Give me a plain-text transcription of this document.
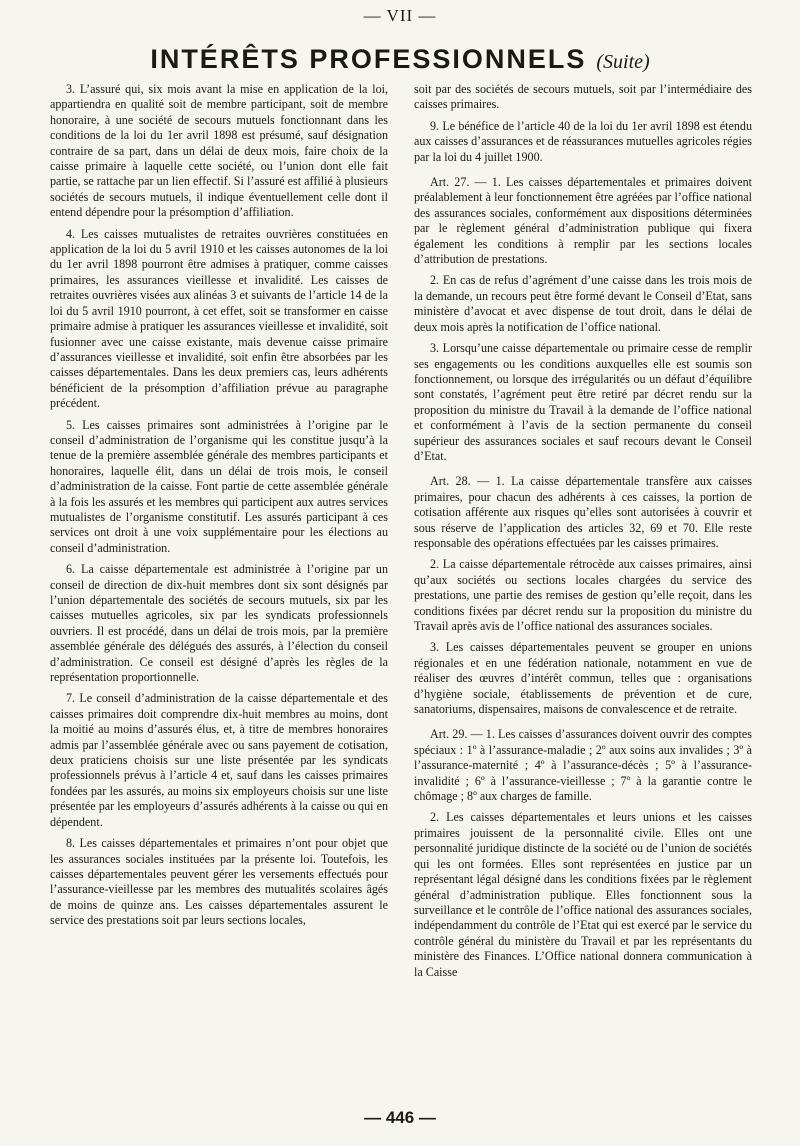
— VII —
INTÉRÊTS PROFESSIONNELS (Suite)

3. L’assuré qui, six mois avant la mise en application de la loi, appartiendra en qualité soit de membre participant, soit de membre honoraire, à une société de secours mutuels fonctionnant dans les conditions de la loi du 1er avril 1898 est présumé, sauf désignation contraire de sa part, dans un délai de deux mois, faire choix de la caisse primaire à laquelle cette société, ou l’union dont elle fait partie, se rattache par un lien effectif. Si l’assuré est affilié à plusieurs sociétés de secours mutuels, il indique éventuellement celle dont il entend dépendre pour la présomption d’affiliation.

4. Les caisses mutualistes de retraites ouvrières constituées en application de la loi du 5 avril 1910 et les caisses autonomes de la loi du 1er avril 1898 pourront être admises à pratiquer, comme caisses primaires, les assurances vieillesse et invalidité. Les caisses de retraites ouvrières visées aux alinéas 3 et suivants de l’article 14 de la loi du 5 avril 1910 pourront, à cet effet, soit se transformer en caisse primaire admise à pratiquer les assurances vieillesse et invalidité, soit fusionner avec une caisse existante, mais devenue caisse primaire d’assurances vieillesse et invalidité, soit enfin être absorbées par les caisses départementales. Dans les deux premiers cas, leurs adhérents bénéficient de la présomption d’affiliation prévue au paragraphe précédent.

5. Les caisses primaires sont administrées à l’origine par le conseil d’administration de l’organisme qui les constitue jusqu’à la tenue de la première assemblée générale des membres participants et honoraires, laquelle élit, dans un délai de trois mois, le conseil d’administration de la caisse. Font partie de cette assemblée générale à la fois les assurés et les membres qui participent aux autres services mutualistes de l’organisme constitutif. Les assurés participant à ces services ont droit à une voix supplémentaire pour les élections au conseil d’administration.

6. La caisse départementale est administrée à l’origine par un conseil de direction de dix-huit membres dont six sont désignés par l’union départementale des sociétés de secours mutuels, six par les caisses mutuelles agricoles, six par les syndicats professionnels ouvriers. Il est procédé, dans un délai de trois mois, par la première assemblée générale des délégués des assurés, à l’élection du conseil d’administration. Ce conseil est désigné d’après les règles de la représentation proportionnelle.

7. Le conseil d’administration de la caisse départementale et des caisses primaires doit comprendre dix-huit membres au moins, dont la moitié au moins d’assurés élus, et, à titre de membres honoraires admis par l’assemblée générale avec ou sans payement de cotisation, deux praticiens choisis sur une liste présentée par les syndicats professionnels prévus à l’article 4 et, sauf dans les caisses primaires fondées par les assurés, au moins six employeurs choisis sur une liste présentée par les employeurs d’assurés adhérents à la caisse ou qui en dépendent.

8. Les caisses départementales et primaires n’ont pour objet que les assurances sociales instituées par la présente loi. Toutefois, les caisses départementales peuvent gérer les versements effectués pour l’assurance-vieillesse par les membres des mutualités scolaires âgés de moins de quinze ans. Les caisses départementales assurent le service des prestations soit par leurs sections locales,

soit par des sociétés de secours mutuels, soit par l’intermédiaire des caisses primaires.

9. Le bénéfice de l’article 40 de la loi du 1er avril 1898 est étendu aux caisses d’assurances et de réassurances mutuelles agricoles régies par la loi du 4 juillet 1900.

Art. 27. — 1. Les caisses départementales et primaires doivent préalablement à leur fonctionnement être agréées par l’office national des assurances sociales, conformément aux dispositions déterminées par le règlement général d’administration publique qui fixera également les conditions à remplir par les sections locales d’attribution de prestations.

2. En cas de refus d’agrément d’une caisse dans les trois mois de la demande, un recours peut être formé devant le Conseil d’Etat, sans ministère d’avocat et avec dispense de tout droit, dans le délai de deux mois après la notification de l’office national.

3. Lorsqu’une caisse départementale ou primaire cesse de remplir ses engagements ou les conditions auxquelles elle est soumis son fonctionnement, ou lorsque des irrégularités ou un défaut d’équilibre sont constatés, l’agrément peut être retiré par décret rendu sur la proposition du ministre du Travail à la demande de l’office national et conformément à l’avis de la section permanente du conseil supérieur des assurances sociales et sauf recours devant le Conseil d’Etat.

Art. 28. — 1. La caisse départementale transfère aux caisses primaires, pour chacun des adhérents à ces caisses, la portion de cotisation afférente aux risques qu’elles sont autorisées à couvrir et sous réserve de l’application des articles 32, 69 et 70. Elle reste responsable des opérations effectuées par les caisses primaires.

2. La caisse départementale rétrocède aux caisses primaires, ainsi qu’aux sociétés ou sections locales chargées du service des prestations, une partie des remises de gestion qu’elle reçoit, dans les conditions fixées par décret rendu sur la proposition du ministre du Travail après avis de l’office national des assurances sociales.

3. Les caisses départementales peuvent se grouper en unions régionales et en une fédération nationale, notamment en vue de réaliser des œuvres d’intérêt commun, telles que : organisations d’hygiène sociale, établissements de prévention et de cure, sanatoriums, dispensaires, maisons de convalescence et de retraite.

Art. 29. — 1. Les caisses d’assurances doivent ouvrir des comptes spéciaux : 1º à l’assurance-maladie ; 2º aux soins aux invalides ; 3º à l’assurance-maternité ; 4º à l’assurance-décès ; 5º à l’assurance-invalidité ; 6º à l’assurance-vieillesse ; 7º à la garantie contre le chômage ; 8º aux charges de famille.

2. Les caisses départementales et leurs unions et les caisses primaires jouissent de la personnalité civile. Elles ont une personnalité juridique distincte de la société ou de l’union de sociétés qui les ont formées. Elles sont représentées en justice par un représentant légal désigné dans les conditions fixées par le règlement général d’administration publique. Elles fonctionnent sous la surveillance et le contrôle de l’office national des assurances sociales, indépendamment du contrôle de l’Etat qui est exercé par le service du contrôle général du ministère du Travail et par les représentants du ministère des Finances. L’Office national donnera communication à la Caisse

— 446 —
